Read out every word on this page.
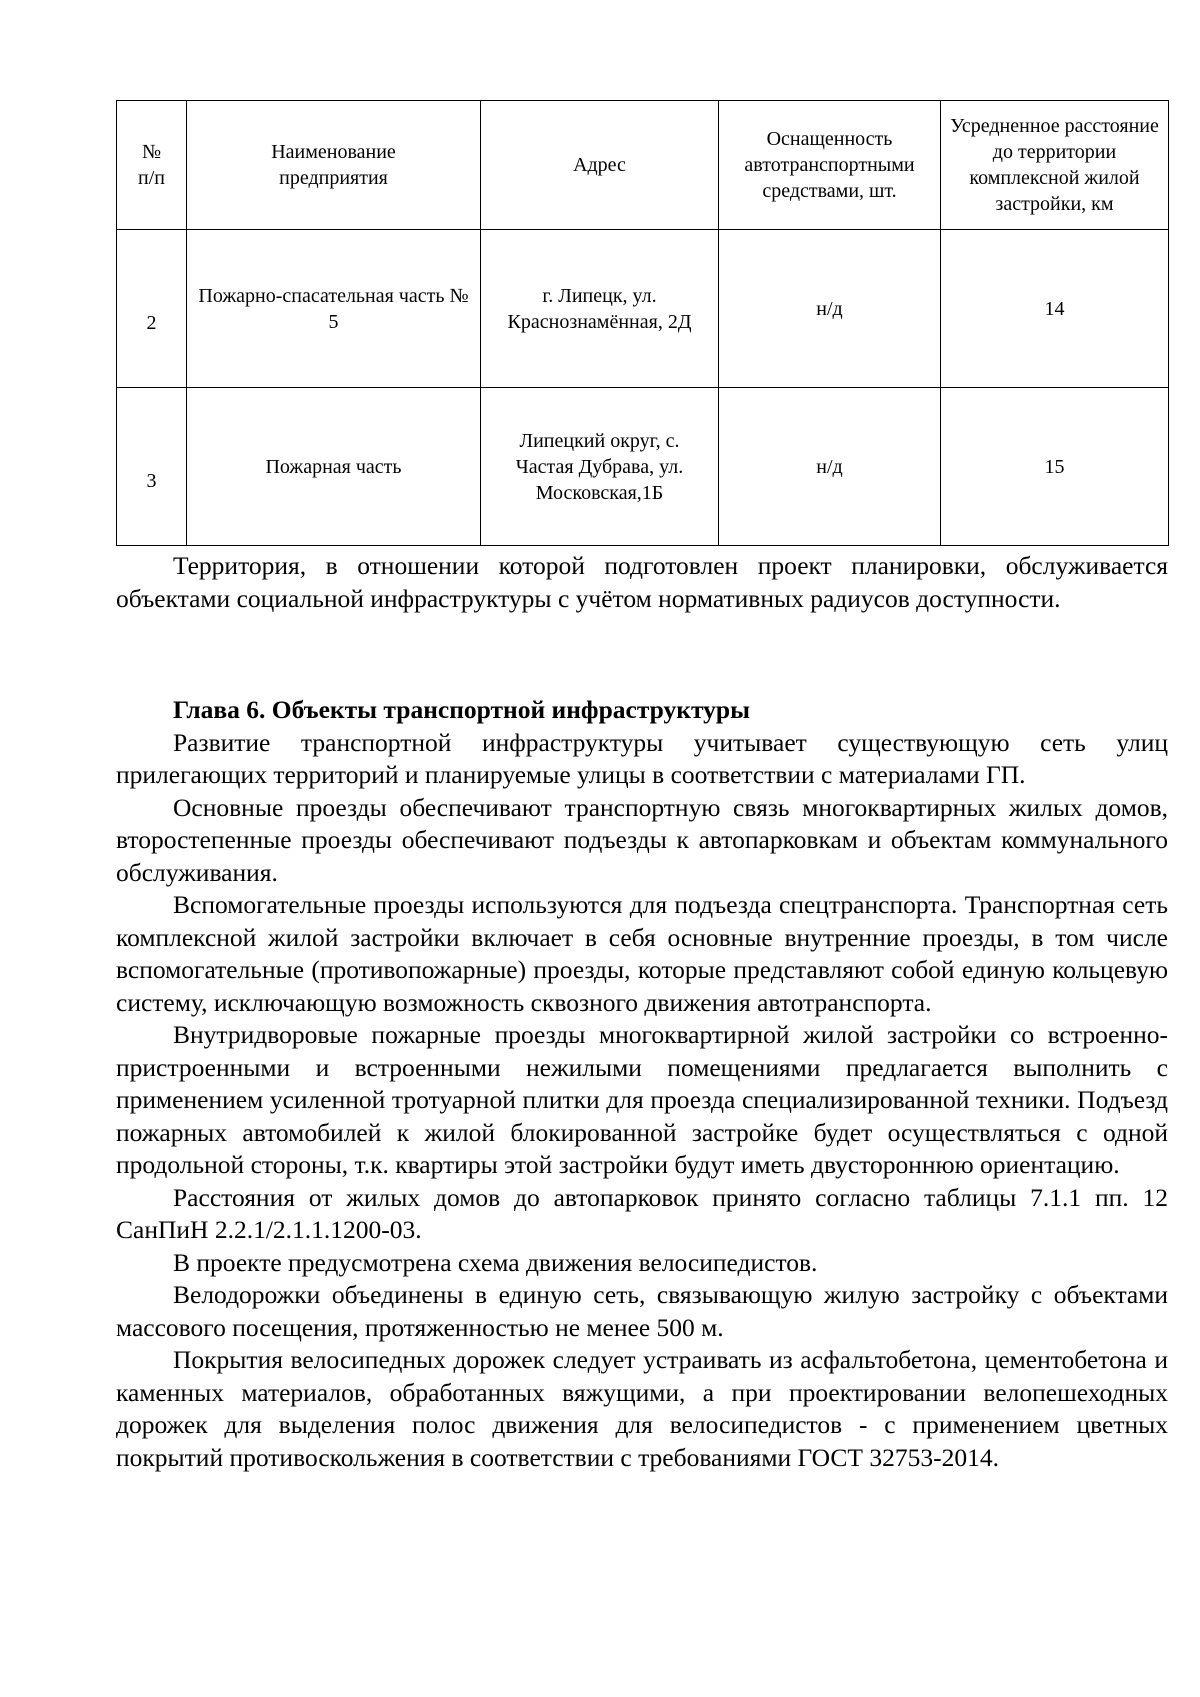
№ п/п	Наименование предприятия	Адрес	Оснащенность автотранспортными средствами, шт.	Усредненное расстояние до территории комплексной жилой застройки, км

2	Пожарно-спасательная часть № 5	г. Липецк, ул. Краснознамённая, 2Д	н/д	14

3	Пожарная часть	Липецкий округ, с. Частая Дубрава, ул. Московская,1Б	н/д	15

Территория, в отношении которой подготовлен проект планировки, обслуживается объектами социальной инфраструктуры с учётом нормативных радиусов доступности.

Глава 6. Объекты транспортной инфраструктуры

Развитие транспортной инфраструктуры учитывает существующую сеть улиц прилегающих территорий и планируемые улицы в соответствии с материалами ГП.

Основные проезды обеспечивают транспортную связь многоквартирных жилых домов, второстепенные проезды обеспечивают подъезды к автопарковкам и объектам коммунального обслуживания.

Вспомогательные проезды используются для подъезда спецтранспорта. Транспортная сеть комплексной жилой застройки включает в себя основные внутренние проезды, в том числе вспомогательные (противопожарные) проезды, которые представляют собой единую кольцевую систему, исключающую возможность сквозного движения автотранспорта.

Внутридворовые пожарные проезды многоквартирной жилой застройки со встроенно-пристроенными и встроенными нежилыми помещениями предлагается выполнить с применением усиленной тротуарной плитки для проезда специализированной техники. Подъезд пожарных автомобилей к жилой блокированной застройке будет осуществляться с одной продольной стороны, т.к. квартиры этой застройки будут иметь двустороннюю ориентацию.

Расстояния от жилых домов до автопарковок принято согласно таблицы 7.1.1 пп. 12 СанПиН 2.2.1/2.1.1.1200-03.

В проекте предусмотрена схема движения велосипедистов.

Велодорожки объединены в единую сеть, связывающую жилую застройку с объектами массового посещения, протяженностью не менее 500 м.

Покрытия велосипедных дорожек следует устраивать из асфальтобетона, цементобетона и каменных материалов, обработанных вяжущими, а при проектировании велопешеходных дорожек для выделения полос движения для велосипедистов - с применением цветных покрытий противоскольжения в соответствии с требованиями ГОСТ 32753-2014.
